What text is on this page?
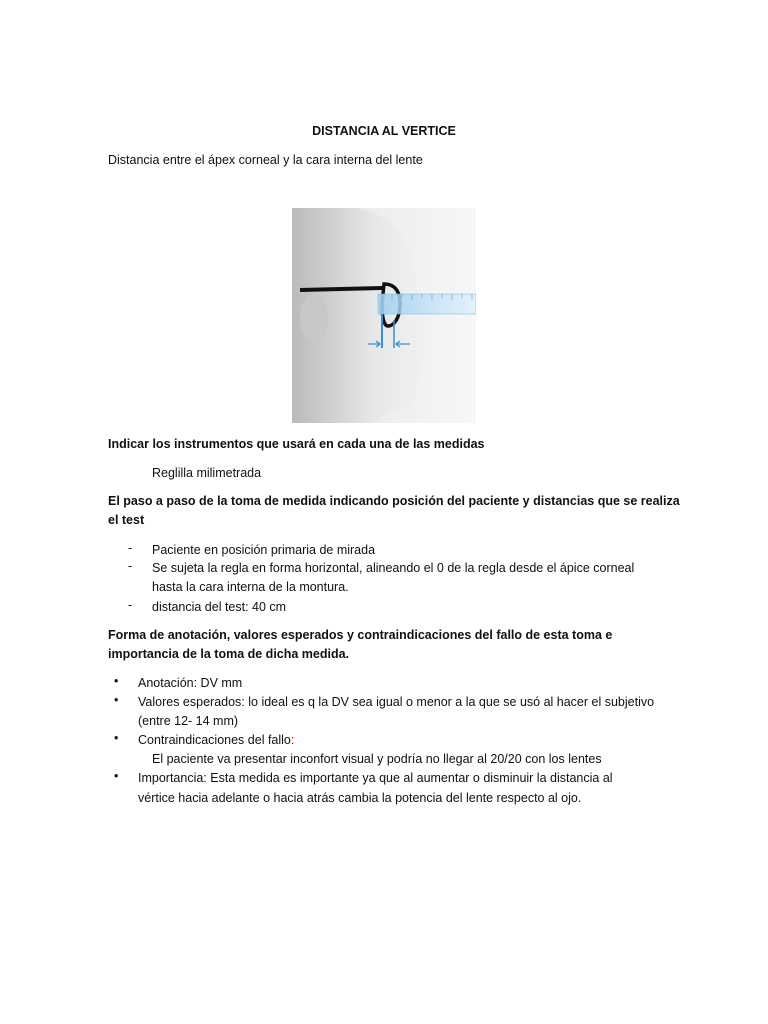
DISTANCIA AL VERTICE
Distancia entre el ápex corneal y la cara interna del lente
Indicar los instrumentos que usará en cada una de las medidas
Reglilla milimetrada
El paso a paso de la toma de medida indicando posición del paciente y distancias que se realiza
el test
- Paciente en posición primaria de mirada
- Se sujeta la regla en forma horizontal, alineando el 0 de la regla desde el ápice corneal
hasta la cara interna de la montura.
- distancia del test: 40 cm
Forma de anotación, valores esperados y contraindicaciones del fallo de esta toma e
importancia de la toma de dicha medida.
• Anotación: DV mm
• Valores esperados: lo ideal es q la DV sea igual o menor a la que se usó al hacer el subjetivo
(entre 12- 14 mm)
• Contraindicaciones del fallo:
El paciente va presentar inconfort visual y podría no llegar al 20/20 con los lentes
• Importancia: Esta medida es importante ya que al aumentar o disminuir la distancia al
vértice hacia adelante o hacia atrás cambia la potencia del lente respecto al ojo.
